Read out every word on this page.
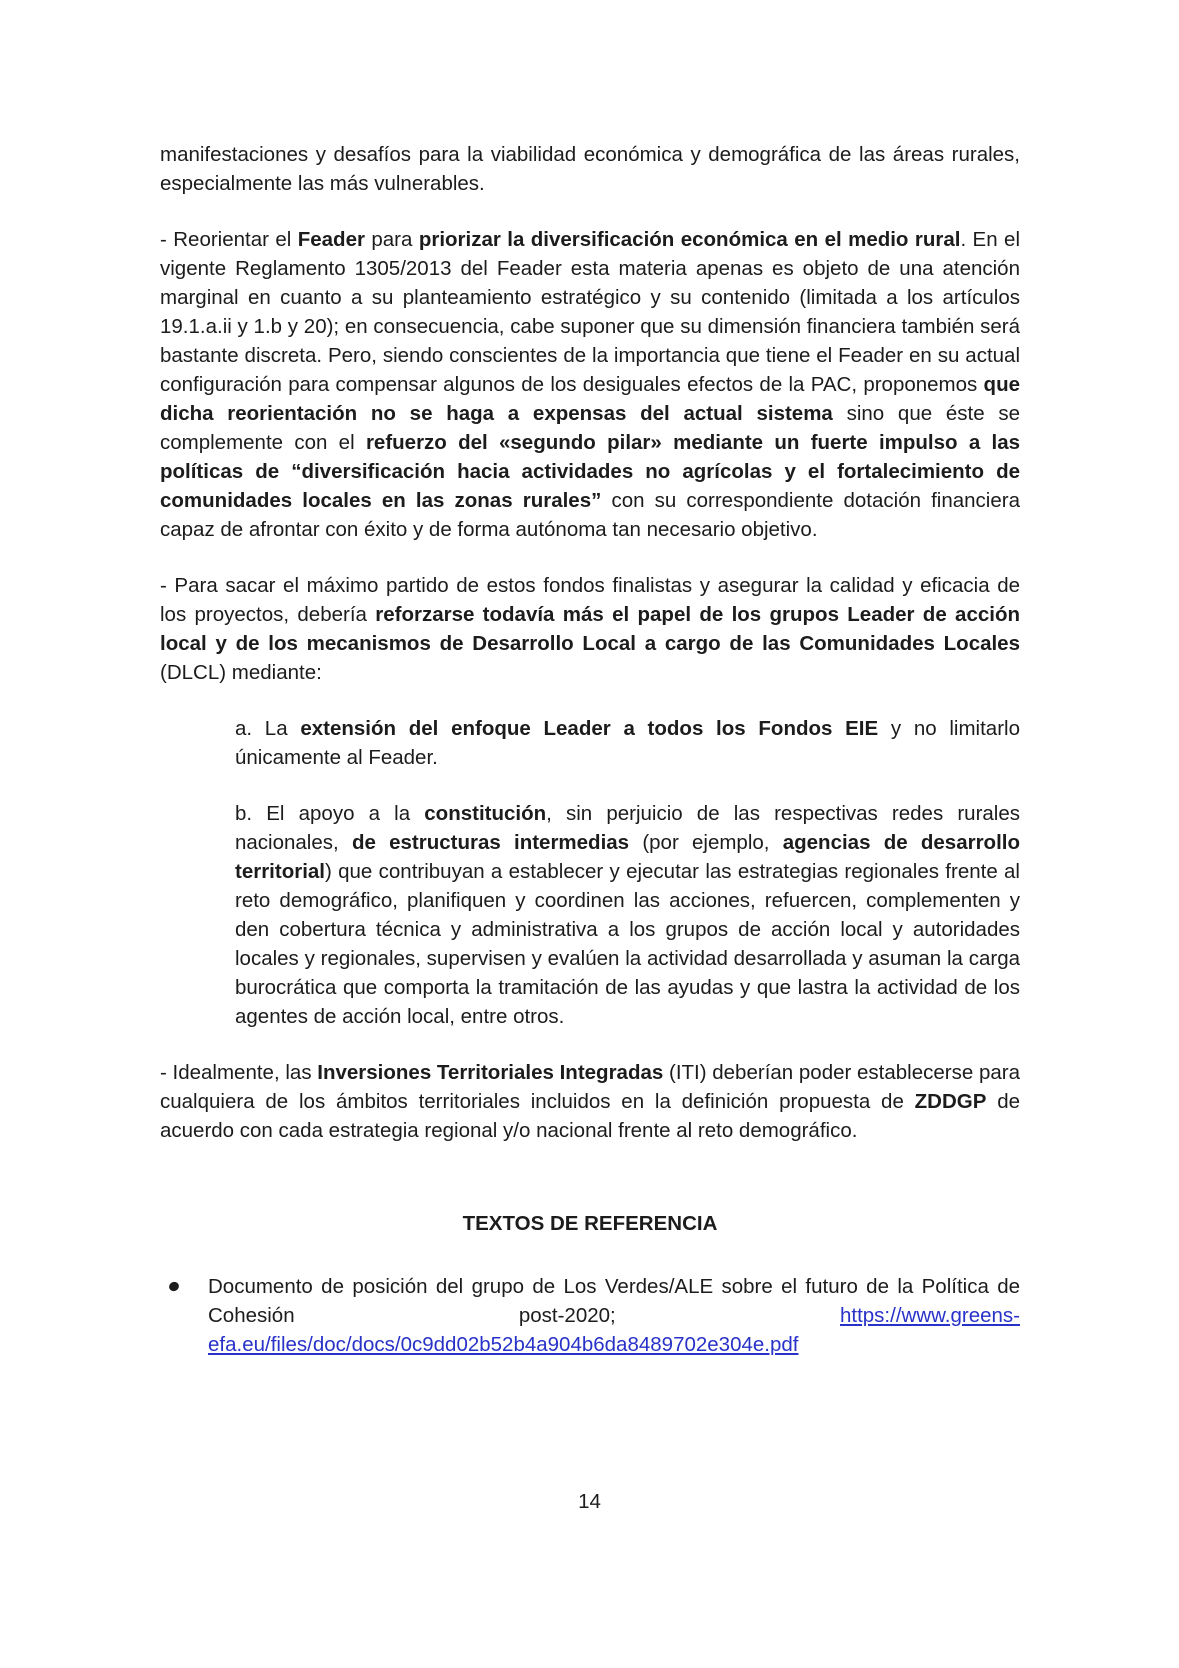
manifestaciones y desafíos para la viabilidad económica y demográfica de las áreas rurales, especialmente las más vulnerables.

- Reorientar el Feader para priorizar la diversificación económica en el medio rural. En el vigente Reglamento 1305/2013 del Feader esta materia apenas es objeto de una atención marginal en cuanto a su planteamiento estratégico y su contenido (limitada a los artículos 19.1.a.ii y 1.b y 20); en consecuencia, cabe suponer que su dimensión financiera también será bastante discreta. Pero, siendo conscientes de la importancia que tiene el Feader en su actual configuración para compensar algunos de los desiguales efectos de la PAC, proponemos que dicha reorientación no se haga a expensas del actual sistema sino que éste se complemente con el refuerzo del «segundo pilar» mediante un fuerte impulso a las políticas de “diversificación hacia actividades no agrícolas y el fortalecimiento de comunidades locales en las zonas rurales” con su correspondiente dotación financiera capaz de afrontar con éxito y de forma autónoma tan necesario objetivo.

- Para sacar el máximo partido de estos fondos finalistas y asegurar la calidad y eficacia de los proyectos, debería reforzarse todavía más el papel de los grupos Leader de acción local y de los mecanismos de Desarrollo Local a cargo de las Comunidades Locales (DLCL) mediante:

a. La extensión del enfoque Leader a todos los Fondos EIE y no limitarlo únicamente al Feader.

b. El apoyo a la constitución, sin perjuicio de las respectivas redes rurales nacionales, de estructuras intermedias (por ejemplo, agencias de desarrollo territorial) que contribuyan a establecer y ejecutar las estrategias regionales frente al reto demográfico, planifiquen y coordinen las acciones, refuercen, complementen y den cobertura técnica y administrativa a los grupos de acción local y autoridades locales y regionales, supervisen y evalúen la actividad desarrollada y asuman la carga burocrática que comporta la tramitación de las ayudas y que lastra la actividad de los agentes de acción local, entre otros.

- Idealmente, las Inversiones Territoriales Integradas (ITI) deberían poder establecerse para cualquiera de los ámbitos territoriales incluidos en la definición propuesta de ZDDGP de acuerdo con cada estrategia regional y/o nacional frente al reto demográfico.

TEXTOS DE REFERENCIA

Documento de posición del grupo de Los Verdes/ALE sobre el futuro de la Política de Cohesión post-2020; https://www.greens-efa.eu/files/doc/docs/0c9dd02b52b4a904b6da8489702e304e.pdf

14
